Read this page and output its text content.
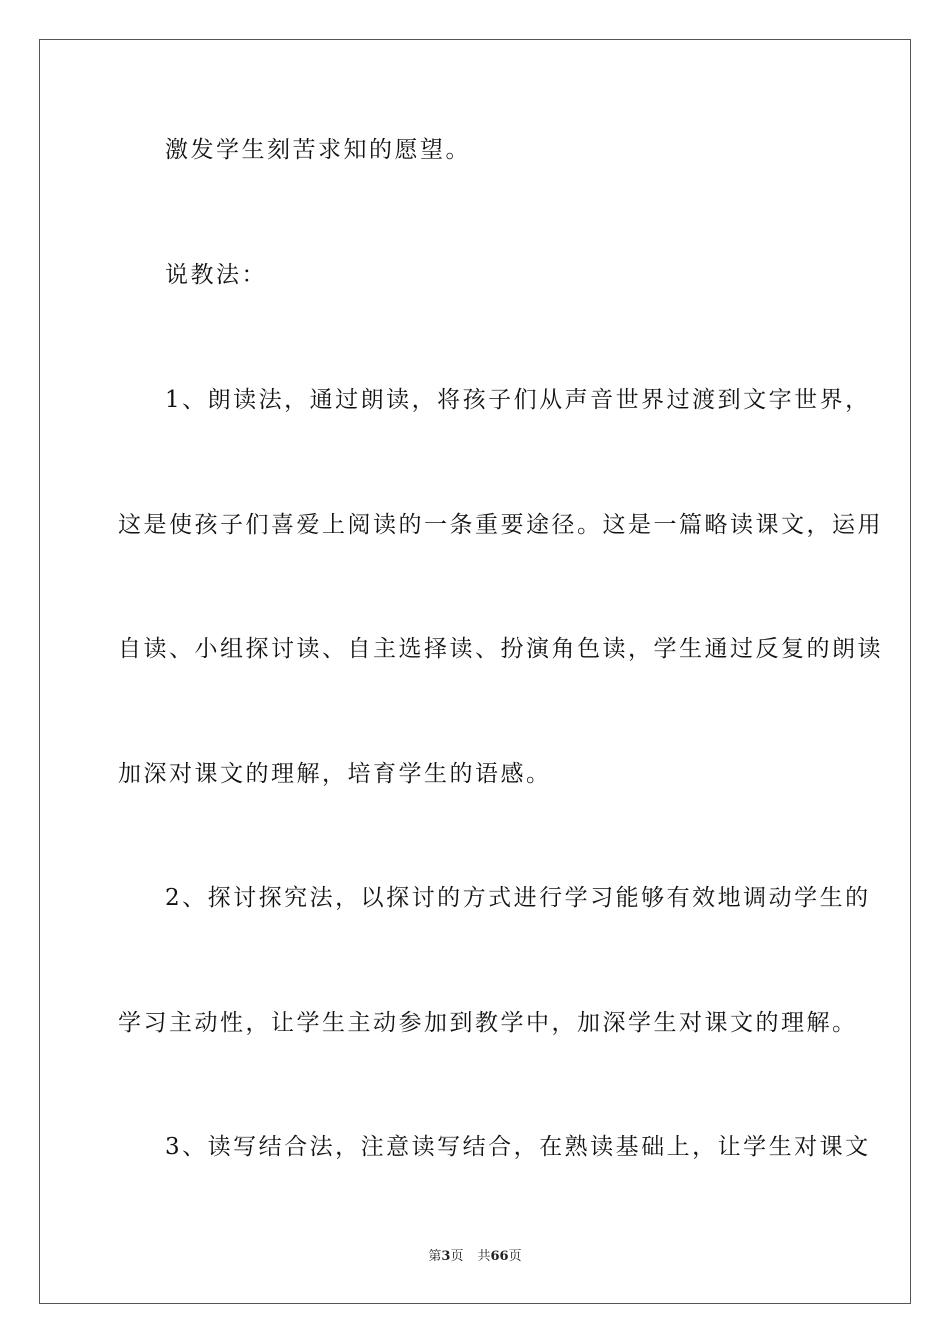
激发学生刻苦求知的愿望。
说教法：
1、朗读法，通过朗读，将孩子们从声音世界过渡到文字世界，
这是使孩子们喜爱上阅读的一条重要途径。这是一篇略读课文，运用
自读、小组探讨读、自主选择读、扮演角色读，学生通过反复的朗读
加深对课文的理解，培育学生的语感。
2、探讨探究法，以探讨的方式进行学习能够有效地调动学生的
学习主动性，让学生主动参加到教学中，加深学生对课文的理解。
3、读写结合法，注意读写结合，在熟读基础上，让学生对课文
第3页 共66页
